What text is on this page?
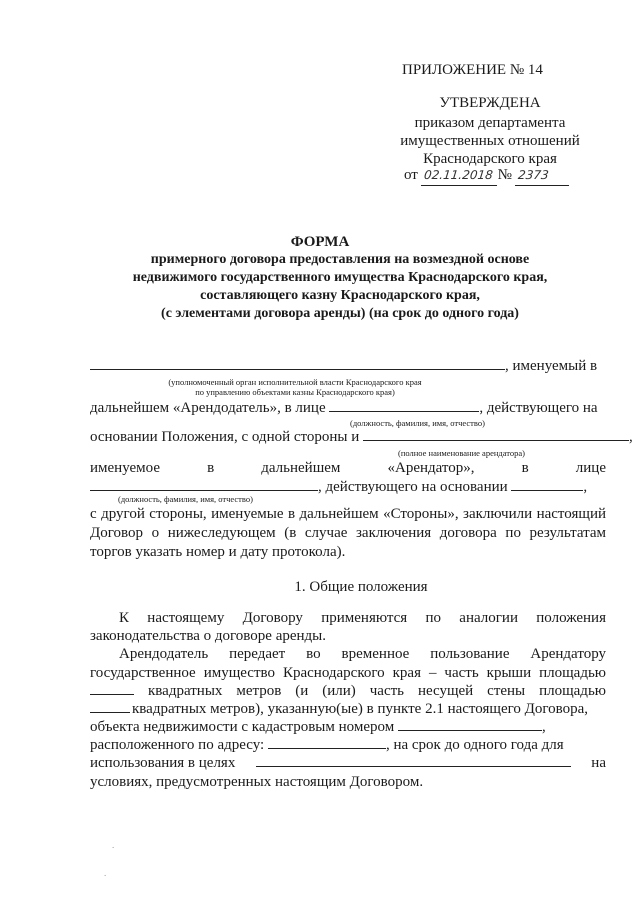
ПРИЛОЖЕНИЕ № 14
УТВЕРЖДЕНА
приказом департамента
имущественных отношений
Краснодарского края
от 02.11.2018 № 2373
ФОРМА
примерного договора предоставления на возмездной основе
недвижимого государственного имущества Краснодарского края,
составляющего казну Краснодарского края,
(с элементами договора аренды) (на срок до одного года)
, именуемый в
(уполномоченный орган исполнительной власти Краснодарского края
по управлению объектами казны Краснодарского края)
дальнейшем «Арендодатель», в лице	, действующего на
(должность, фамилия, имя, отчество)
основании Положения, с одной стороны и	,
(полное наименование арендатора)
именуемое	в	дальнейшем	«Арендатор»,	в	лице
, действующего на основании	,
(должность, фамилия, имя, отчество)
с другой стороны, именуемые в дальнейшем «Стороны», заключили настоящий
Договор о нижеследующем (в случае заключения договора по результатам
торгов указать номер и дату протокола).
1. Общие положения
К настоящему Договору применяются по аналогии положения
законодательства о договоре аренды.
Арендодатель передает во временное пользование Арендатору
государственное имущество Краснодарского края – часть крыши площадью
квадратных метров (и (или) часть несущей стены площадью
квадратных метров), указанную(ые) в пункте 2.1 настоящего Договора,
объекта недвижимости с кадастровым номером	,
расположенного по адресу:	, на срок до одного года для
использования в целях	на
условиях, предусмотренных настоящим Договором.
.
.
